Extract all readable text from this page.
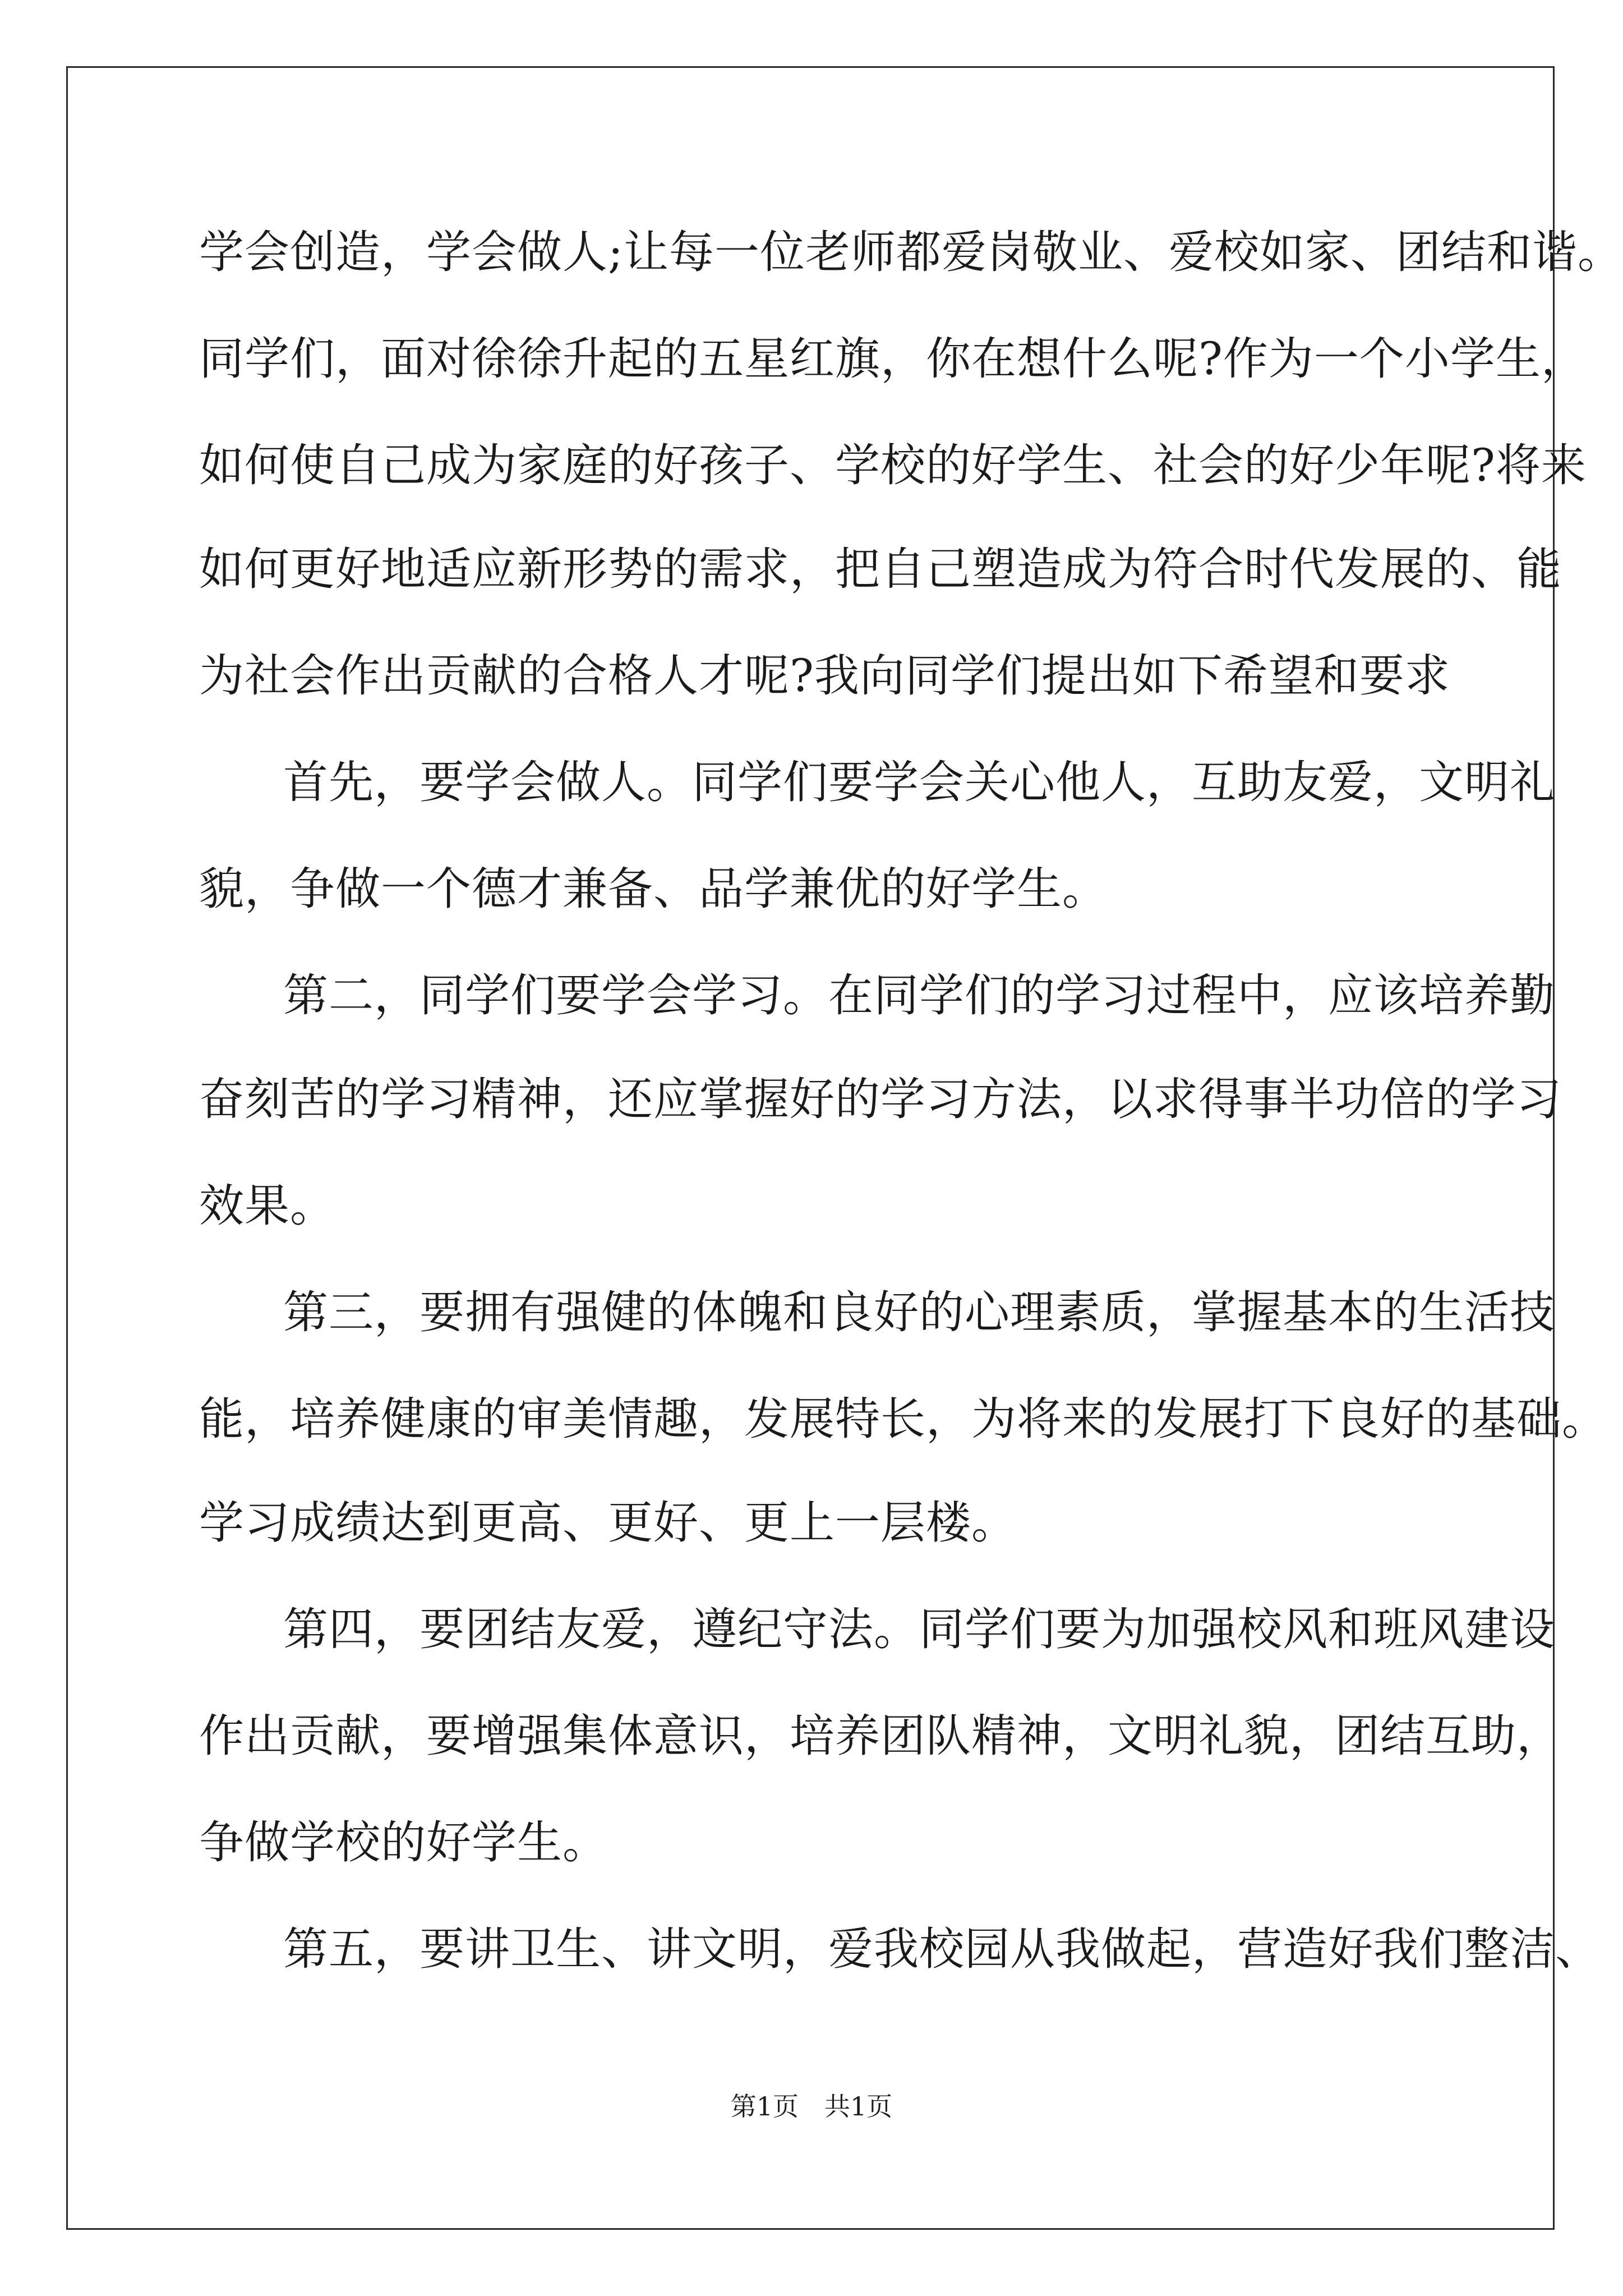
学会创造，学会做人;让每一位老师都爱岗敬业、爱校如家、团结和谐。
同学们，面对徐徐升起的五星红旗，你在想什么呢?作为一个小学生，
如何使自己成为家庭的好孩子、学校的好学生、社会的好少年呢?将来
如何更好地适应新形势的需求，把自己塑造成为符合时代发展的、能
为社会作出贡献的合格人才呢?我向同学们提出如下希望和要求
首先，要学会做人。同学们要学会关心他人，互助友爱，文明礼
貌，争做一个德才兼备、品学兼优的好学生。
第二，同学们要学会学习。在同学们的学习过程中，应该培养勤
奋刻苦的学习精神，还应掌握好的学习方法，以求得事半功倍的学习
效果。
第三，要拥有强健的体魄和良好的心理素质，掌握基本的生活技
能，培养健康的审美情趣，发展特长，为将来的发展打下良好的基础。
学习成绩达到更高、更好、更上一层楼。
第四，要团结友爱，遵纪守法。同学们要为加强校风和班风建设
作出贡献，要增强集体意识，培养团队精神，文明礼貌，团结互助，
争做学校的好学生。
第五，要讲卫生、讲文明，爱我校园从我做起，营造好我们整洁、
第1页　共1页
